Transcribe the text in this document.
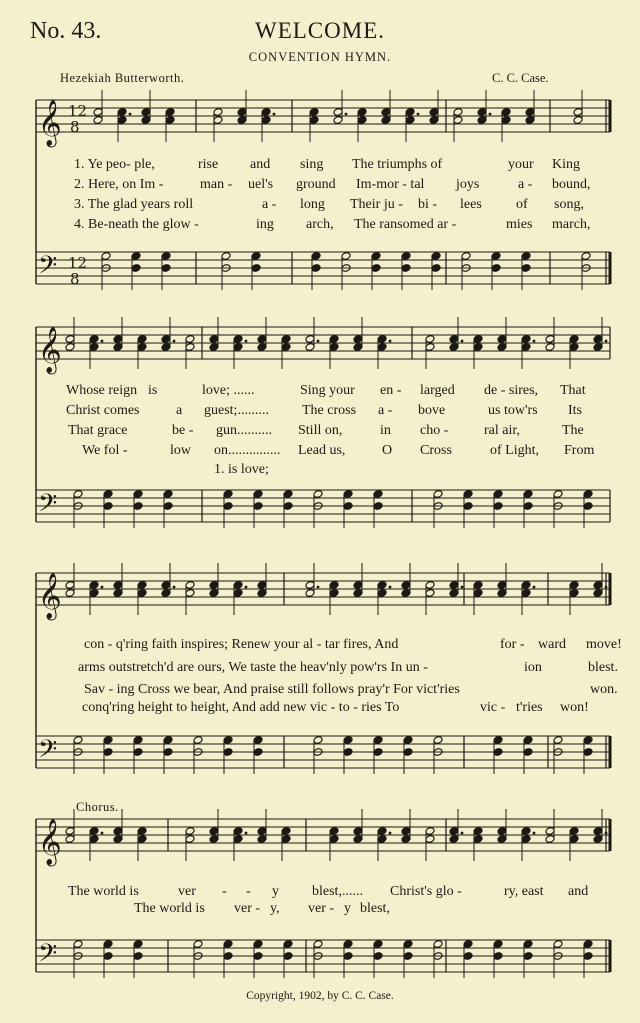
No. 43.	WELCOME.
CONVENTION HYMN.
Hezekiah Butterworth.	C. C. Case.
𝄞
𝄢
12
8
12
8
𝄞
𝄢
𝄞
𝄢
𝄞
𝄢
1. Ye peo- ple,	rise and sing The triumphs of	your King
2. Here, on Im -	man - uel's ground Im-mor - tal joys	a - bound,
3. The glad years roll	a - long Their ju - bi - lees of song,
4. Be-neath the glow -	ing arch, The ransomed ar -	mies march,
Whose reign is	love; ......	Sing your en - larged de - sires, That
Christ comes	a guest;......... The cross a - bove	us tow'rs Its
That grace	be - gun.......... Still on,	in cho -	ral air,	The
We fol -	low on............... Lead us,	O Cross	of Light, From
1. is love;
con - q'ring faith inspires; Renew your al - tar fires, And	for - ward move!
arms outstretch'd are ours, We taste the heav'nly pow'rs In un -	ion	blest.
Sav - ing Cross we bear, And praise still follows pray'r For vict'ries	won.
conq'ring height to height, And add new vic - to - ries To	vic - t'ries won!
Chorus.
The world is	ver - - y blest,...... Christ's glo -	ry, east and
The world is ver - y, ver - y blest,
Copyright, 1902, by C. C. Case.
